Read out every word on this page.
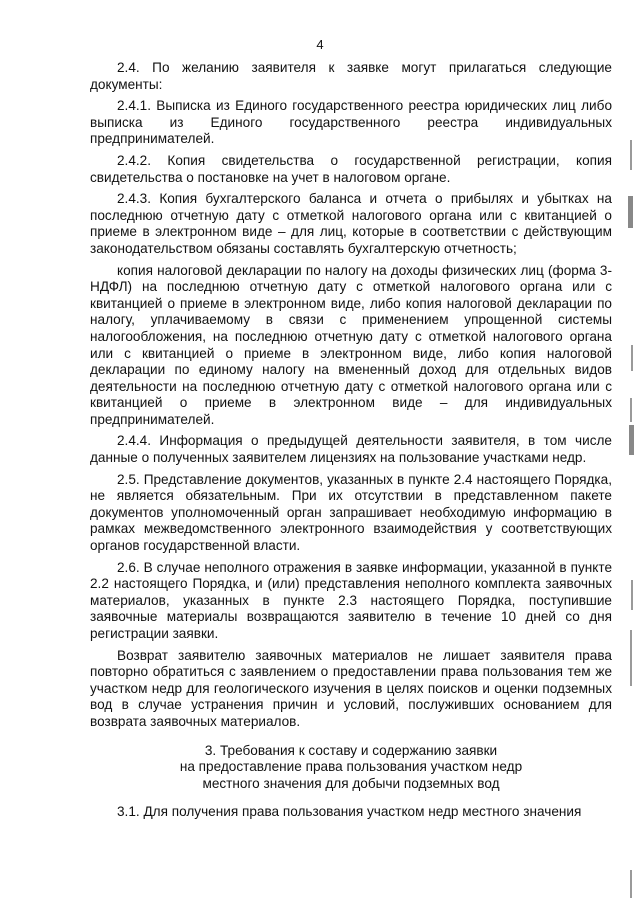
4

2.4. По желанию заявителя к заявке могут прилагаться следующие документы:

2.4.1. Выписка из Единого государственного реестра юридических лиц либо выписка из Единого государственного реестра индивидуальных предпринимателей.

2.4.2. Копия свидетельства о государственной регистрации, копия свидетельства о постановке на учет в налоговом органе.

2.4.3. Копия бухгалтерского баланса и отчета о прибылях и убытках на последнюю отчетную дату с отметкой налогового органа или с квитанцией о приеме в электронном виде – для лиц, которые в соответствии с действующим законодательством обязаны составлять бухгалтерскую отчетность;

копия налоговой декларации по налогу на доходы физических лиц (форма 3-НДФЛ) на последнюю отчетную дату с отметкой налогового органа или с квитанцией о приеме в электронном виде, либо копия налоговой декларации по налогу, уплачиваемому в связи с применением упрощенной системы налогообложения, на последнюю отчетную дату с отметкой налогового органа или с квитанцией о приеме в электронном виде, либо копия налоговой декларации по единому налогу на вмененный доход для отдельных видов деятельности на последнюю отчетную дату с отметкой налогового органа или с квитанцией о приеме в электронном виде – для индивидуальных предпринимателей.

2.4.4. Информация о предыдущей деятельности заявителя, в том числе данные о полученных заявителем лицензиях на пользование участками недр.

2.5. Представление документов, указанных в пункте 2.4 настоящего Порядка, не является обязательным. При их отсутствии в представленном пакете документов уполномоченный орган запрашивает необходимую информацию в рамках межведомственного электронного взаимодействия у соответствующих органов государственной власти.

2.6. В случае неполного отражения в заявке информации, указанной в пункте 2.2 настоящего Порядка, и (или) представления неполного комплекта заявочных материалов, указанных в пункте 2.3 настоящего Порядка, поступившие заявочные материалы возвращаются заявителю в течение 10 дней со дня регистрации заявки.

Возврат заявителю заявочных материалов не лишает заявителя права повторно обратиться с заявлением о предоставлении права пользования тем же участком недр для геологического изучения в целях поисков и оценки подземных вод в случае устранения причин и условий, послуживших основанием для возврата заявочных материалов.

3. Требования к составу и содержанию заявки
на предоставление права пользования участком недр
местного значения для добычи подземных вод

3.1. Для получения права пользования участком недр местного значения
